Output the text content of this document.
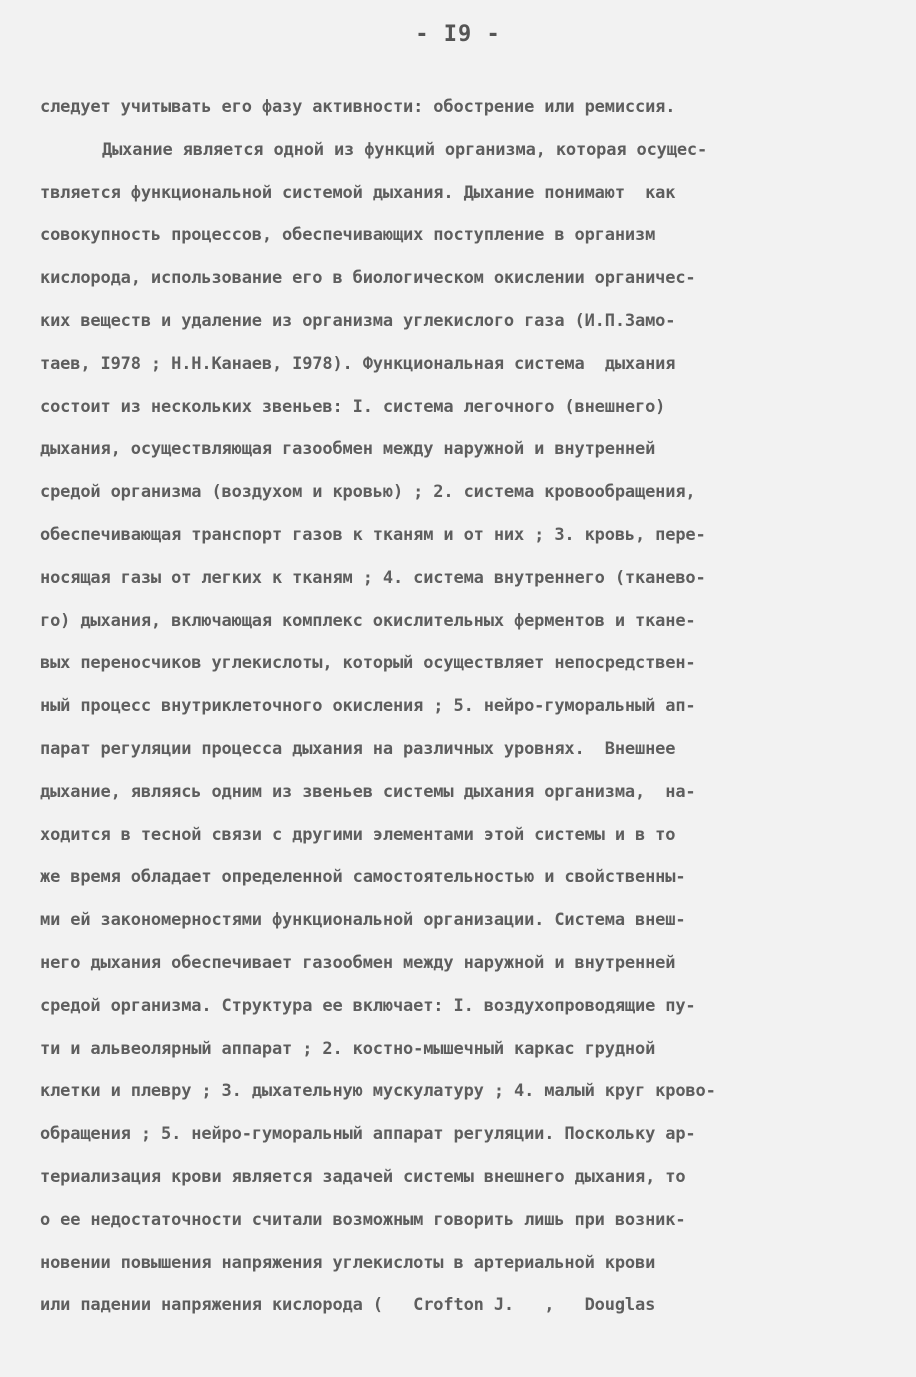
- I9 -
следует учитывать его фазу активности: обострение или ремиссия.
Дыхание является одной из функций организма, которая осущес-
твляется функциональной системой дыхания. Дыхание понимают  как
совокупность процессов, обеспечивающих поступление в организм
кислорода, использование его в биологическом окислении органичес-
ких веществ и удаление из организма углекислого газа (И.П.Замо-
таев, I978 ; Н.Н.Канаев, I978). Функциональная система  дыхания
состоит из нескольких звеньев: I. система легочного (внешнего)
дыхания, осуществляющая газообмен между наружной и внутренней
средой организма (воздухом и кровью) ; 2. система кровообращения,
обеспечивающая транспорт газов к тканям и от них ; 3. кровь, пере-
носящая газы от легких к тканям ; 4. система внутреннего (тканево-
го) дыхания, включающая комплекс окислительных ферментов и ткане-
вых переносчиков углекислоты, который осуществляет непосредствен-
ный процесс внутриклеточного окисления ; 5. нейро-гуморальный ап-
парат регуляции процесса дыхания на различных уровнях.  Внешнее
дыхание, являясь одним из звеньев системы дыхания организма,  на-
ходится в тесной связи с другими элементами этой системы и в то
же время обладает определенной самостоятельностью и свойственны-
ми ей закономерностями функциональной организации. Система внеш-
него дыхания обеспечивает газообмен между наружной и внутренней
средой организма. Структура ее включает: I. воздухопроводящие пу-
ти и альвеолярный аппарат ; 2. костно-мышечный каркас грудной
клетки и плевру ; 3. дыхательную мускулатуру ; 4. малый круг крово-
обращения ; 5. нейро-гуморальный аппарат регуляции. Поскольку ар-
териализация крови является задачей системы внешнего дыхания, то
о ее недостаточности считали возможным говорить лишь при возник-
новении повышения напряжения углекислоты в артериальной крови
или падении напряжения кислорода (   Crofton J.   ,   Douglas
